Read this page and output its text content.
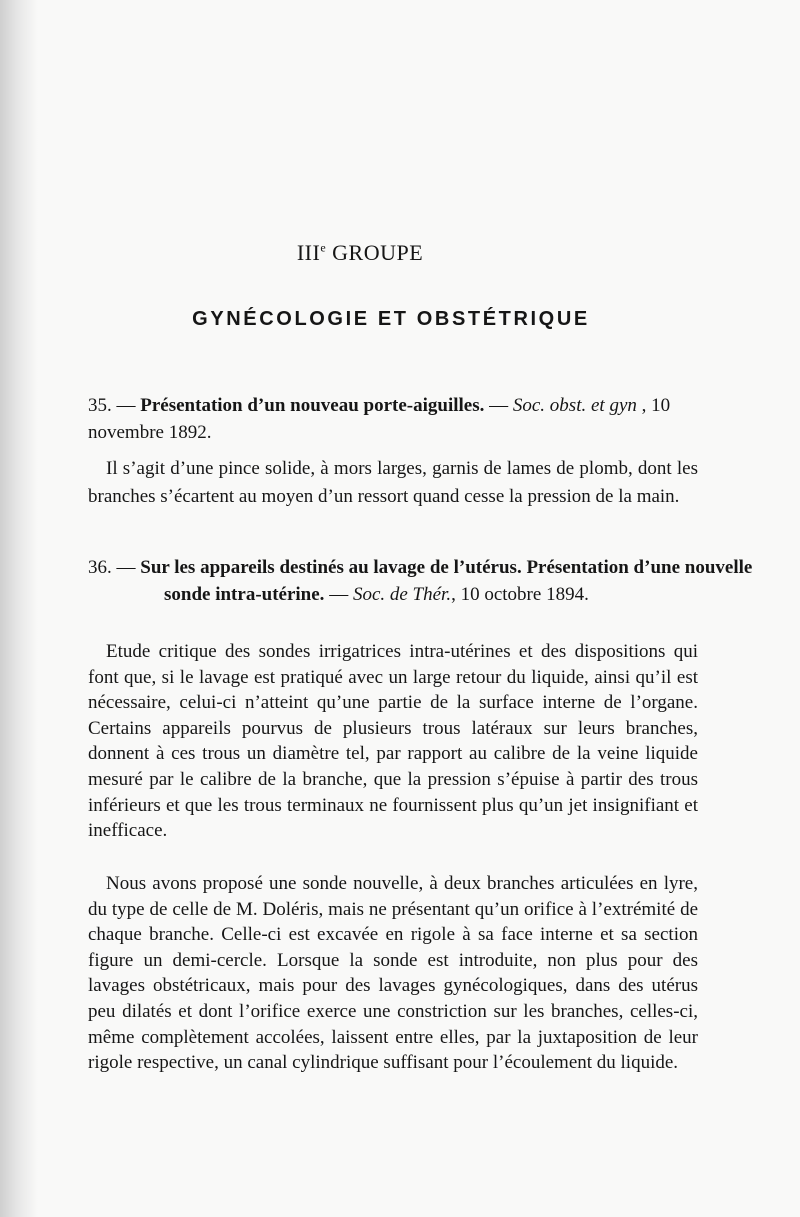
IIIe GROUPE
GYNÉCOLOGIE ET OBSTÉTRIQUE
35. — Présentation d’un nouveau porte-aiguilles. — Soc. obst. et gyn , 10 novembre 1892.
Il s’agit d’une pince solide, à mors larges, garnis de lames de plomb, dont les branches s’écartent au moyen d’un ressort quand cesse la pression de la main.
36. — Sur les appareils destinés au lavage de l’utérus. Présentation d’une nouvelle sonde intra-utérine. — Soc. de Thér., 10 octobre 1894.
Etude critique des sondes irrigatrices intra-utérines et des dispositions qui font que, si le lavage est pratiqué avec un large retour du liquide, ainsi qu’il est nécessaire, celui-ci n’atteint qu’une partie de la surface interne de l’organe. Certains appareils pourvus de plusieurs trous latéraux sur leurs branches, donnent à ces trous un diamètre tel, par rapport au calibre de la veine liquide mesuré par le calibre de la branche, que la pression s’épuise à partir des trous inférieurs et que les trous terminaux ne fournissent plus qu’un jet insignifiant et inefficace.
Nous avons proposé une sonde nouvelle, à deux branches articulées en lyre, du type de celle de M. Doléris, mais ne présentant qu’un orifice à l’extrémité de chaque branche. Celle-ci est excavée en rigole à sa face interne et sa section figure un demi-cercle. Lorsque la sonde est introduite, non plus pour des lavages obstétricaux, mais pour des lavages gynécologiques, dans des utérus peu dilatés et dont l’orifice exerce une constriction sur les branches, celles-ci, même complètement accolées, laissent entre elles, par la juxtaposition de leur rigole respective, un canal cylindrique suffisant pour l’écoulement du liquide.
